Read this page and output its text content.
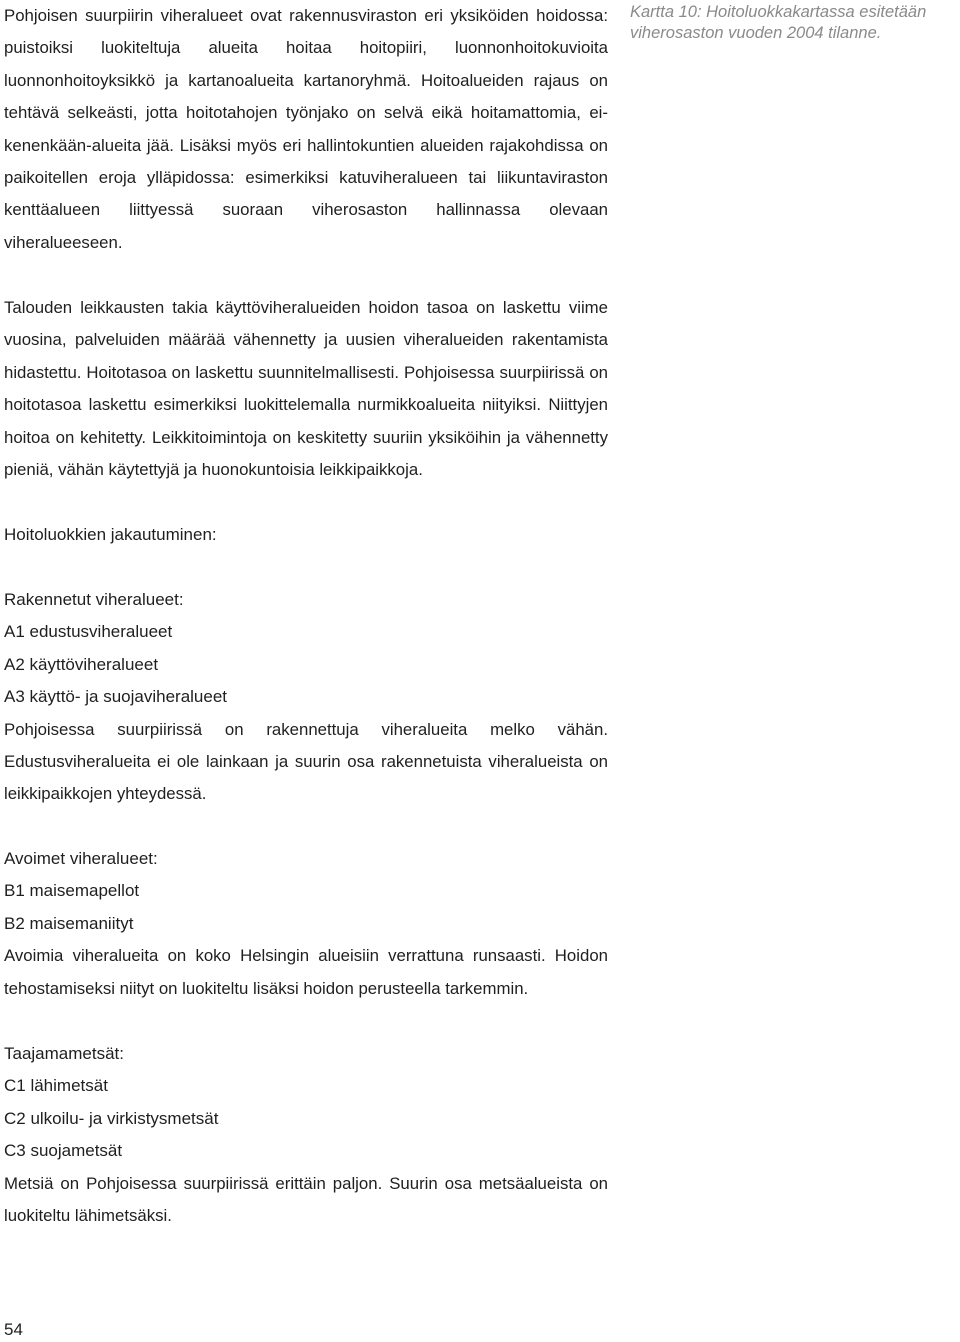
Pohjoisen suurpiirin viheralueet ovat rakennusviraston eri yksiköiden hoidossa: puistoiksi luokiteltuja alueita hoitaa hoitopiiri, luonnonhoitokuvioita luonnonhoitoyksikkö ja kartanoalueita kartanoryhmä. Hoitoalueiden rajaus on tehtävä selkeästi, jotta hoitotahojen työnjako on selvä eikä hoitamattomia, ei-kenenkään-alueita jää. Lisäksi myös eri hallintokuntien alueiden rajakohdissa on paikoitellen eroja ylläpidossa: esimerkiksi katuviheralueen tai liikuntaviraston kenttäalueen liittyessä suoraan viherosaston hallinnassa olevaan viheralueeseen.

Kartta 10: Hoitoluokkakartassa esitetään viherosaston vuoden 2004 tilanne.

Talouden leikkausten takia käyttöviheralueiden hoidon tasoa on laskettu viime vuosina, palveluiden määrää vähennetty ja uusien viheralueiden rakentamista hidastettu. Hoitotasoa on laskettu suunnitelmallisesti. Pohjoisessa suurpiirissä on hoitotasoa laskettu esimerkiksi luokittelemalla nurmikkoalueita niityiksi. Niittyjen hoitoa on kehitetty. Leikkitoimintoja on keskitetty suuriin yksiköihin ja vähennetty pieniä, vähän käytettyjä ja huonokuntoisia leikkipaikkoja.

Hoitoluokkien jakautuminen:
Rakennetut viheralueet:
A1 edustusviheralueet
A2 käyttöviheralueet
A3 käyttö- ja suojaviheralueet

Pohjoisessa suurpiirissä on rakennettuja viheralueita melko vähän. Edustusviheralueita ei ole lainkaan ja suurin osa rakennetuista viheralueista on leikkipaikkojen yhteydessä.

Avoimet viheralueet:
B1 maisemapellot
B2 maisemaniityt

Avoimia viheralueita on koko Helsingin alueisiin verrattuna runsaasti. Hoidon tehostamiseksi niityt on luokiteltu lisäksi hoidon perusteella tarkemmin.

Taajamametsät:
C1 lähimetsät
C2 ulkoilu- ja virkistysmetsät
C3 suojametsät

Metsiä on Pohjoisessa suurpiirissä erittäin paljon. Suurin osa metsäalueista on luokiteltu lähimetsäksi.

54
